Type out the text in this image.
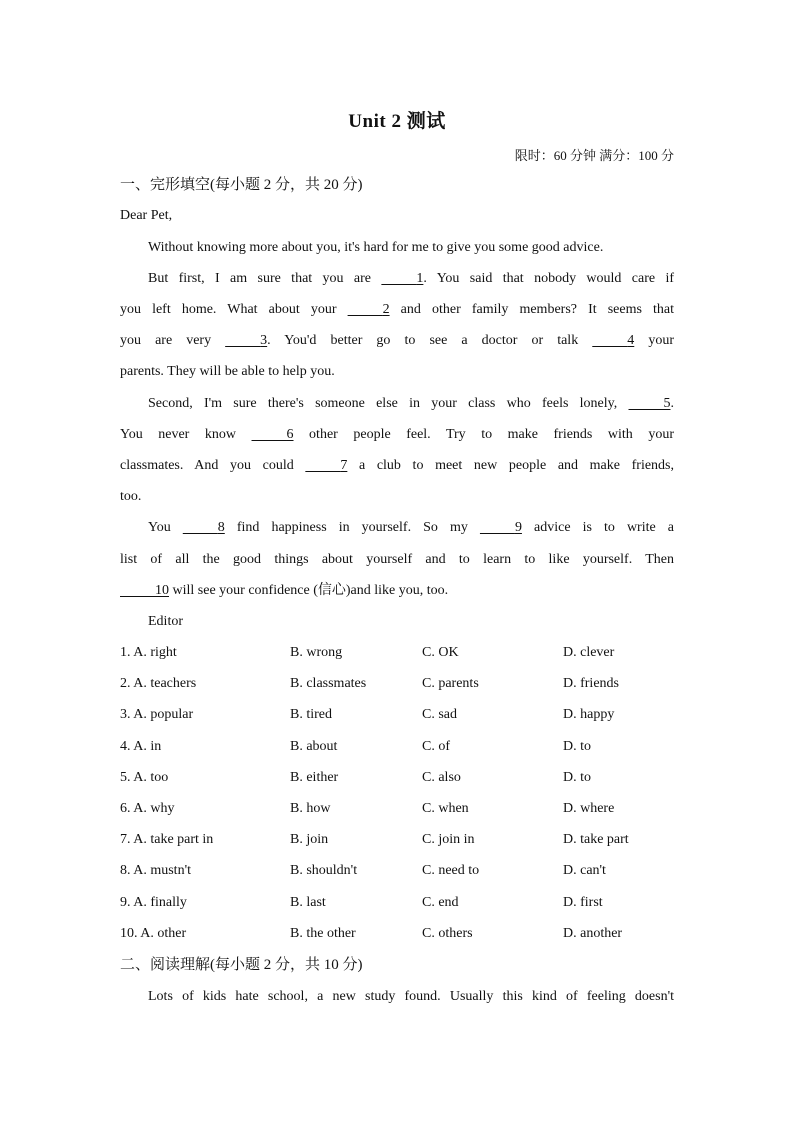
Unit 2 测试
限时：60 分钟 满分：100 分
一、完形填空(每小题 2 分，共 20 分)
Dear Pet,
Without knowing more about you, it's hard for me to give you some good advice.
But first, I am sure that you are	1. You said that nobody would care if
you left home. What about your	2 and other family members? It seems that
you are very	3. You'd better go to see a doctor or talk	4 your
parents. They will be able to help you.
Second, I'm sure there's someone else in your class who feels lonely,	5.
You never know	6 other people feel. Try to make friends with your
classmates. And you could	7 a club to meet new people and make friends,
too.
You	8 find happiness in yourself. So my	9 advice is to write a
list of all the good things about yourself and to learn to like yourself. Then
10 will see your confidence (信心)and like you, too.
Editor
1. A. right	B. wrong	C. OK	D. clever
2. A. teachers	B. classmates	C. parents	D. friends
3. A. popular	B. tired	C. sad	D. happy
4. A. in	B. about	C. of	D. to
5. A. too	B. either	C. also	D. to
6. A. why	B. how	C. when	D. where
7. A. take part in	B. join	C. join in	D. take part
8. A. mustn't	B. shouldn't	C. need to	D. can't
9. A. finally	B. last	C. end	D. first
10. A. other	B. the other	C. others	D. another
二、阅读理解(每小题 2 分，共 10 分)
Lots of kids hate school, a new study found. Usually this kind of feeling doesn't
